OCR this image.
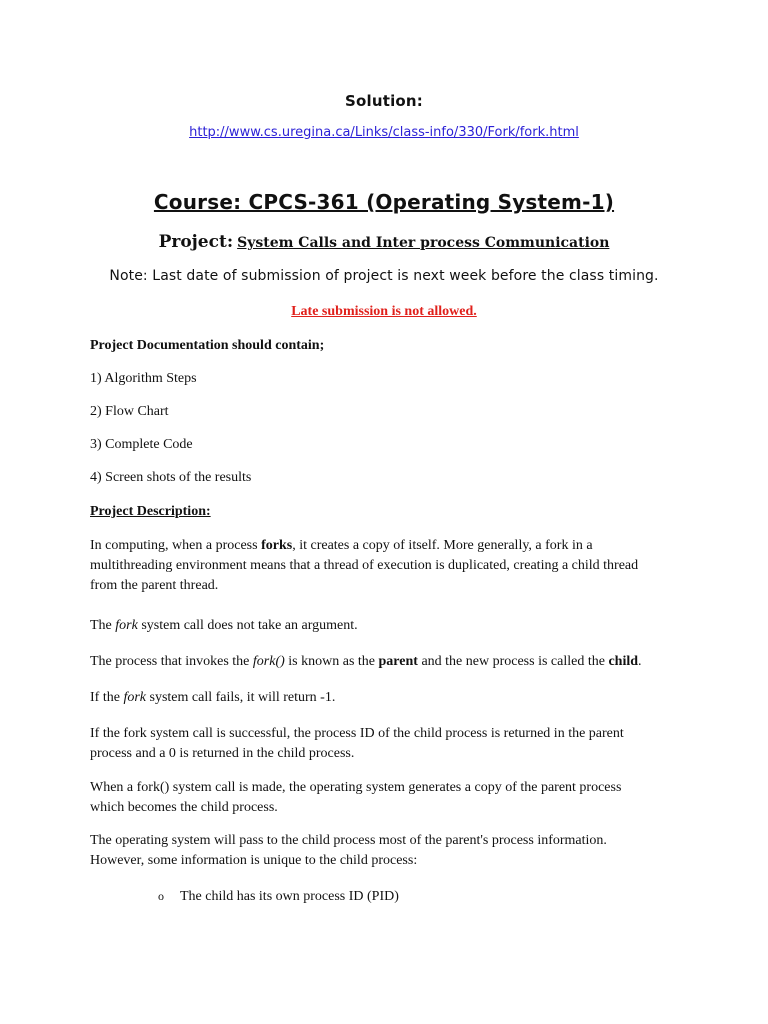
Solution:
http://www.cs.uregina.ca/Links/class-info/330/Fork/fork.html
Course: CPCS-361 (Operating System-1)
Project: System Calls and Inter process Communication
Note: Last date of submission of project is next week before the class timing.
Late submission is not allowed.
Project Documentation should contain;
1) Algorithm Steps
2) Flow Chart
3) Complete Code
4) Screen shots of the results
Project Description:
In computing, when a process forks, it creates a copy of itself. More generally, a fork in a
multithreading environment means that a thread of execution is duplicated, creating a child thread
from the parent thread.
The fork system call does not take an argument.
The process that invokes the fork() is known as the parent and the new process is called the child.
If the fork system call fails, it will return -1.
If the fork system call is successful, the process ID of the child process is returned in the parent
process and a 0 is returned in the child process.
When a fork() system call is made, the operating system generates a copy of the parent process
which becomes the child process.
The operating system will pass to the child process most of the parent's process information.
However, some information is unique to the child process:
o The child has its own process ID (PID)
